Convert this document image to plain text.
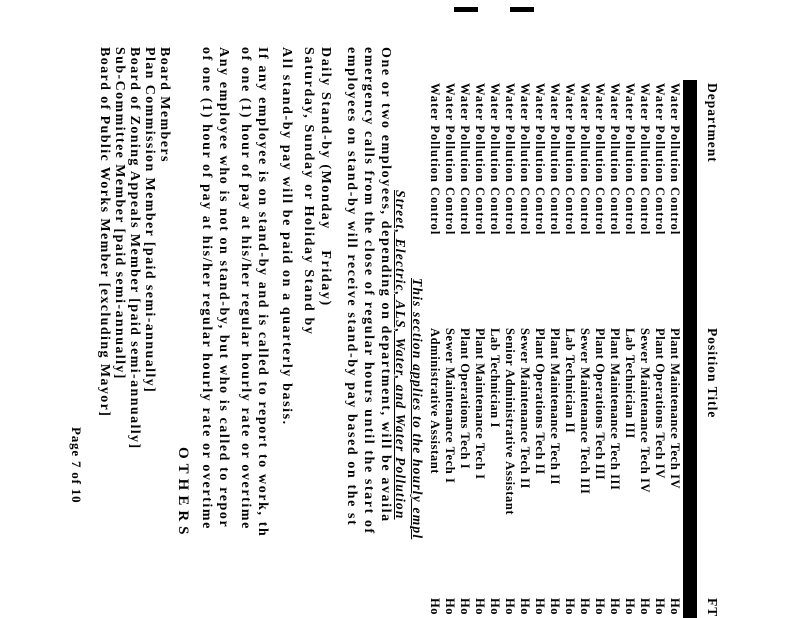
Department
Position Title
FT
Water Pollution Control
Plant Maintenance Tech IV
Ho
Water Pollution Control
Plant Operations Tech IV
Ho
Water Pollution Control
Sewer Maintenance Tech IV
Ho
Water Pollution Control
Lab Technician III
Ho
Water Pollution Control
Plant Maintenance Tech III
Ho
Water Pollution Control
Plant Operations Tech III
Ho
Water Pollution Control
Sewer Maintenance Tech III
Ho
Water Pollution Control
Lab Technician II
Ho
Water Pollution Control
Plant Maintenance Tech II
Ho
Water Pollution Control
Plant Operations Tech II
Ho
Water Pollution Control
Sewer Maintenance Tech II
Ho
Water Pollution Control
Senior Administrative Assistant
Ho
Water Pollution Control
Lab Technician I
Ho
Water Pollution Control
Plant Maintenance Tech I
Ho
Water Pollution Control
Plant Operations Tech I
Ho
Water Pollution Control
Sewer Maintenance Tech I
Ho
Water Pollution Control
Administrative Assistant
Ho
This section applies to the hourly empl
Street, Electric, ALS, Water, and Water Pollution
One or two employees, depending on department, will be availa
emergency calls from the close of regular hours until the start of
employees on stand-by will receive stand-by pay based on the st
Daily Stand-by (Monday    Friday)
Saturday, Sunday or Holiday Stand by
All stand-by pay will be paid on a quarterly basis.
If any employee is on stand-by and is called to report to work, th
of one (1) hour of pay at his/her regular hourly rate or overtime
Any employee who is not on stand-by, but who is called to repor
of one (1) hour of pay at his/her regular hourly rate or overtime
OTHERS
Board Members
Plan Commission Member [paid semi-annually]
Board of Zoning Appeals Member [paid semi-annually]
Sub-Committee Member [paid semi-annually]
Board of Public Works Member [excluding Mayor]
Page 7 of 10
